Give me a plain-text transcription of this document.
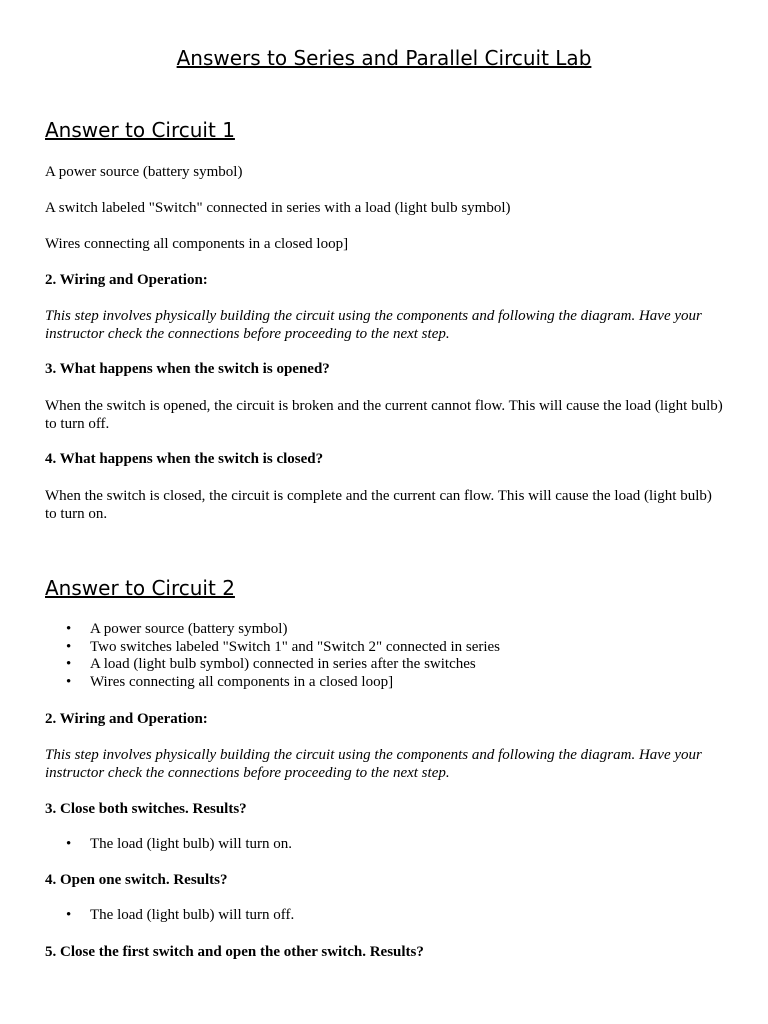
Answers to Series and Parallel Circuit Lab
Answer to Circuit 1

A power source (battery symbol)

A switch labeled "Switch" connected in series with a load (light bulb symbol)

Wires connecting all components in a closed loop]

2. Wiring and Operation:

This step involves physically building the circuit using the components and following the diagram. Have your instructor check the connections before proceeding to the next step.

3. What happens when the switch is opened?

When the switch is opened, the circuit is broken and the current cannot flow. This will cause the load (light bulb) to turn off.

4. What happens when the switch is closed?

When the switch is closed, the circuit is complete and the current can flow. This will cause the load (light bulb) to turn on.

Answer to Circuit 2
• A power source (battery symbol)
• Two switches labeled "Switch 1" and "Switch 2" connected in series
• A load (light bulb symbol) connected in series after the switches
• Wires connecting all components in a closed loop]

2. Wiring and Operation:

This step involves physically building the circuit using the components and following the diagram. Have your instructor check the connections before proceeding to the next step.

3. Close both switches. Results?

• The load (light bulb) will turn on.

4. Open one switch. Results?

• The load (light bulb) will turn off.

5. Close the first switch and open the other switch. Results?
